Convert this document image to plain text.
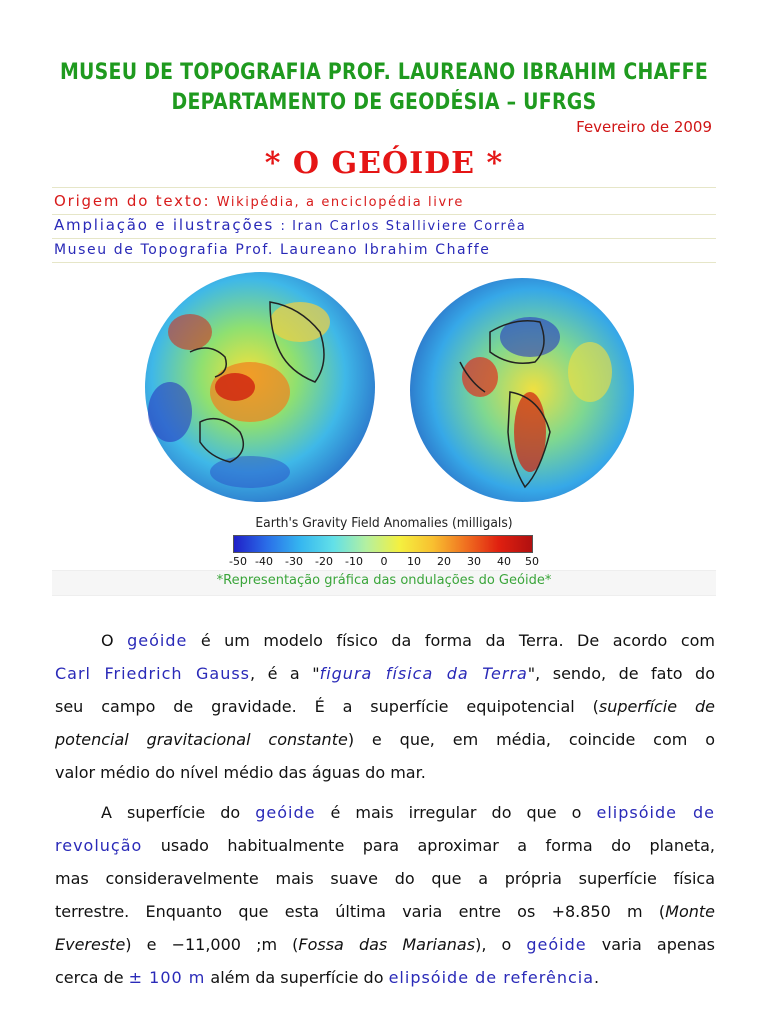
MUSEU DE TOPOGRAFIA PROF. LAUREANO IBRAHIM CHAFFE
DEPARTAMENTO DE GEODÉSIA – UFRGS
Fevereiro de 2009
* O GEÓIDE *
Origem do texto: Wikipédia, a enciclopédia livre
Ampliação e ilustrações : Iran Carlos Stalliviere Corrêa
Museu de Topografia Prof. Laureano Ibrahim Chaffe
Earth's Gravity Field Anomalies (milligals)
-50 -40 -30 -20 -10 0 10 20 30 40 50
*Representação gráfica das ondulações do Geóide*
O geóide é um modelo físico da forma da Terra. De acordo com
Carl Friedrich Gauss, é a "figura física da Terra", sendo, de fato do
seu campo de gravidade. É a superfície equipotencial (superfície de
potencial gravitacional constante) e que, em média, coincide com o
valor médio do nível médio das águas do mar.
A superfície do geóide é mais irregular do que o elipsóide de
revolução usado habitualmente para aproximar a forma do planeta,
mas consideravelmente mais suave do que a própria superfície física
terrestre. Enquanto que esta última varia entre os +8.850 m (Monte
Evereste) e −11,000 ;m (Fossa das Marianas), o geóide varia apenas
cerca de ± 100 m além da superfície do elipsóide de referência.
